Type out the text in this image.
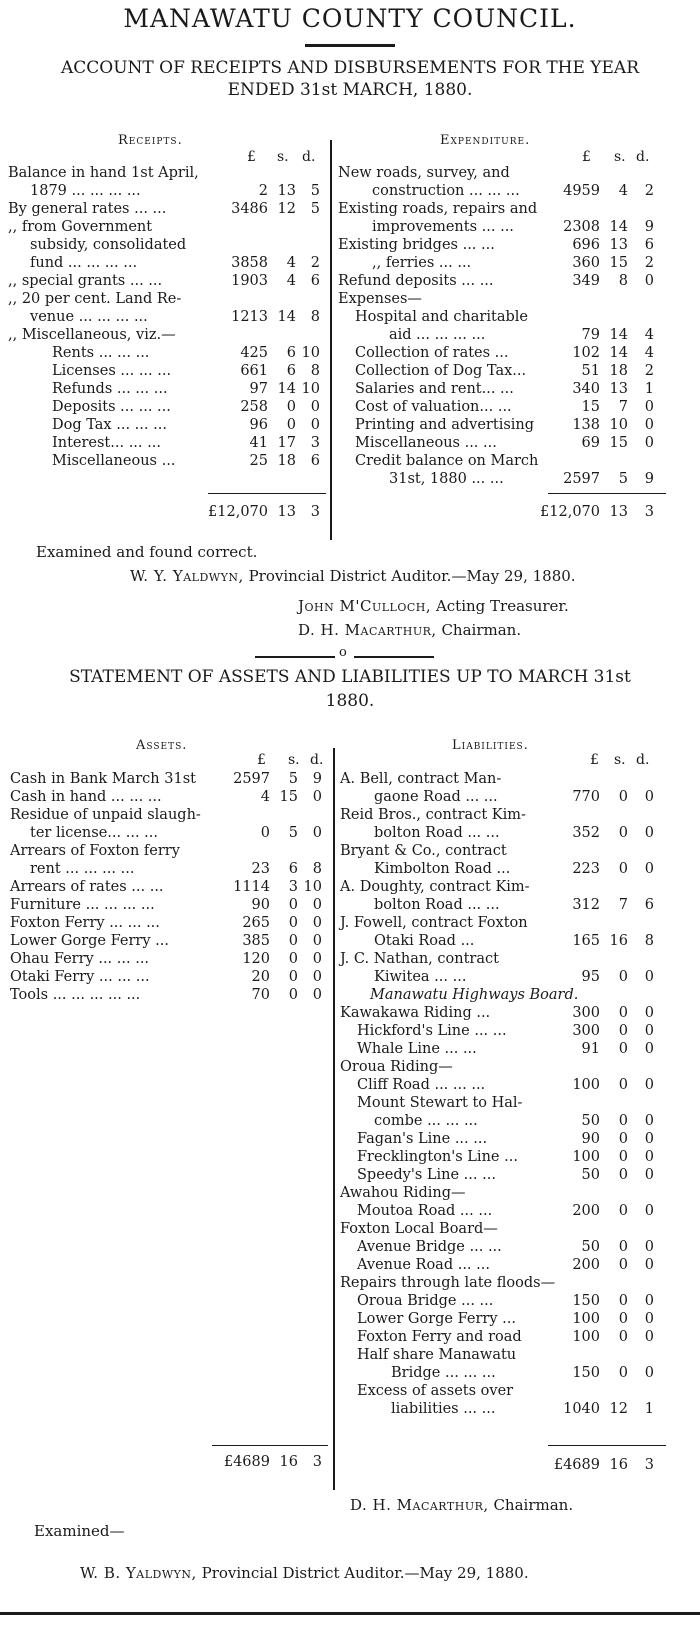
MANAWATU COUNTY COUNCIL.
ACCOUNT OF RECEIPTS AND DISBURSEMENTS FOR THE YEAR
ENDED 31st MARCH, 1880.
Receipts.	Expenditure.
£ s. d.	£ s. d.
Balance in hand 1st April,
1879 ... ... ... ...	2 13	5
By general rates ... ...	3486 12	5
,, from Government
subsidy, consolidated
fund ... ... ... ...	3858	4	2
,, special grants ... ...	1903	4	6
,, 20 per cent. Land Re-
venue ... ... ... ...	1213 14	8
,, Miscellaneous, viz.—
Rents ... ... ...	425	6 10
Licenses ... ... ...	661	6	8
Refunds ... ... ...	97 14 10
Deposits ... ... ...	258	0	0
Dog Tax ... ... ...	96	0	0
Interest... ... ...	41 17	3
Miscellaneous ...	25 18	6
New roads, survey, and
construction ... ... ...	4959	4	2
Existing roads, repairs and
improvements ... ...	2308 14	9
Existing bridges ... ...	696 13	6
,, ferries ... ...	360 15	2
Refund deposits ... ...	349	8	0
Expenses—
Hospital and charitable
aid ... ... ... ...	79 14	4
Collection of rates ...	102 14	4
Collection of Dog Tax...	51 18	2
Salaries and rent... ...	340 13	1
Cost of valuation... ...	15	7	0
Printing and advertising	138 10	0
Miscellaneous ... ...	69 15	0
Credit balance on March
31st, 1880 ... ...	2597	5	9
£12,070 13	3	£12,070 13	3
Examined and found correct.
W. Y. Yaldwyn, Provincial District Auditor.—May 29, 1880.
John M'Culloch, Acting Treasurer.
D. H. Macarthur, Chairman.
o
STATEMENT OF ASSETS AND LIABILITIES UP TO MARCH 31st
1880.
Assets.	Liabilities.
£ s. d.	£ s. d.
Cash in Bank March 31st	2597	5	9
Cash in hand ... ... ...	4 15	0
Residue of unpaid slaugh-
ter license... ... ...	0	5	0
Arrears of Foxton ferry
rent ... ... ... ...	23	6	8
Arrears of rates ... ...	1114	3 10
Furniture ... ... ... ...	90	0	0
Foxton Ferry ... ... ...	265	0	0
Lower Gorge Ferry ...	385	0	0
Ohau Ferry ... ... ...	120	0	0
Otaki Ferry ... ... ...	20	0	0
Tools ... ... ... ... ...	70	0	0
A. Bell, contract Man-
gaone Road ... ...	770	0	0
Reid Bros., contract Kim-
bolton Road ... ...	352	0	0
Bryant & Co., contract
Kimbolton Road ...	223	0	0
A. Doughty, contract Kim-
bolton Road ... ...	312	7	6
J. Fowell, contract Foxton
Otaki Road ...	165 16	8
J. C. Nathan, contract
Kiwitea ... ...	95	0	0
Manawatu Highways Board.
Kawakawa Riding ...	300	0	0
Hickford's Line ... ...	300	0	0
Whale Line ... ...	91	0	0
Oroua Riding—
Cliff Road ... ... ...	100	0	0
Mount Stewart to Hal-
combe ... ... ...	50	0	0
Fagan's Line ... ...	90	0	0
Frecklington's Line ...	100	0	0
Speedy's Line ... ...	50	0	0
Awahou Riding—
Moutoa Road ... ...	200	0	0
Foxton Local Board—
Avenue Bridge ... ...	50	0	0
Avenue Road ... ...	200	0	0
Repairs through late floods—
Oroua Bridge ... ...	150	0	0
Lower Gorge Ferry ...	100	0	0
Foxton Ferry and road	100	0	0
Half share Manawatu
Bridge ... ... ...	150	0	0
Excess of assets over
liabilities ... ...	1040 12	1
£4689 16	3	£4689 16	3
D. H. Macarthur, Chairman.
Examined—
W. B. Yaldwyn, Provincial District Auditor.—May 29, 1880.
